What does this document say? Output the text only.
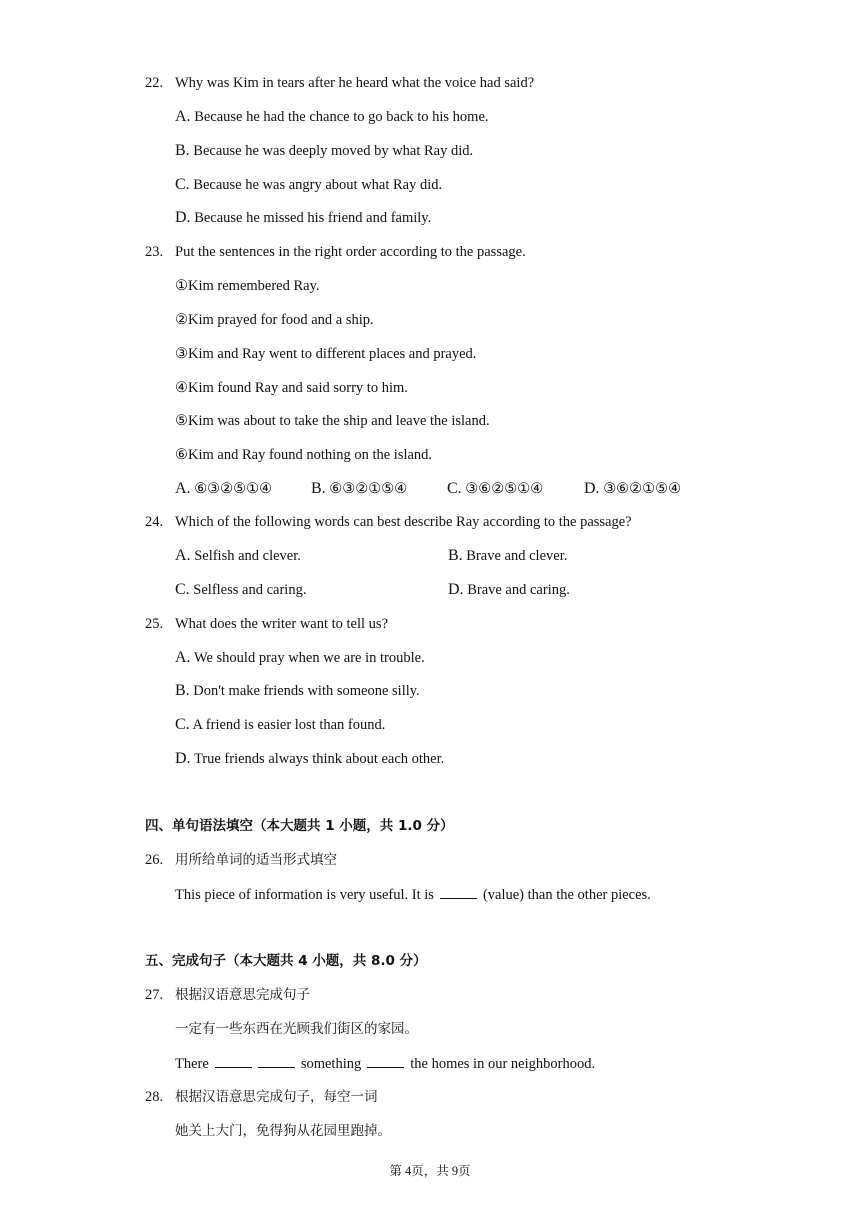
22. Why was Kim in tears after he heard what the voice had said?
A. Because he had the chance to go back to his home.
B. Because he was deeply moved by what Ray did.
C. Because he was angry about what Ray did.
D. Because he missed his friend and family.
23. Put the sentences in the right order according to the passage.
①Kim remembered Ray.
②Kim prayed for food and a ship.
③Kim and Ray went to different places and prayed.
④Kim found Ray and said sorry to him.
⑤Kim was about to take the ship and leave the island.
⑥Kim and Ray found nothing on the island.
A. ⑥③②⑤①④ B. ⑥③②①⑤④ C. ③⑥②⑤①④	D. ③⑥②①⑤④
24. Which of the following words can best describe Ray according to the passage?
A. Selfish and clever.	B. Brave and clever.
C. Selfless and caring.	D. Brave and caring.
25. What does the writer want to tell us?
A. We should pray when we are in trouble.
B. Don't make friends with someone silly.
C. A friend is easier lost than found.
D. True friends always think about each other.
四、单句语法填空（本大题共 1 小题，共 1.0 分）
26. 用所给单词的适当形式填空
This piece of information is very useful. It is	(value) than the other pieces.
五、完成句子（本大题共 4 小题，共 8.0 分）
27. 根据汉语意思完成句子
一定有一些东西在光顾我们街区的家园。
There	something	the homes in our neighborhood.
28. 根据汉语意思完成句子，每空一词
她关上大门，免得狗从花园里跑掉。
第 4页，共 9页
